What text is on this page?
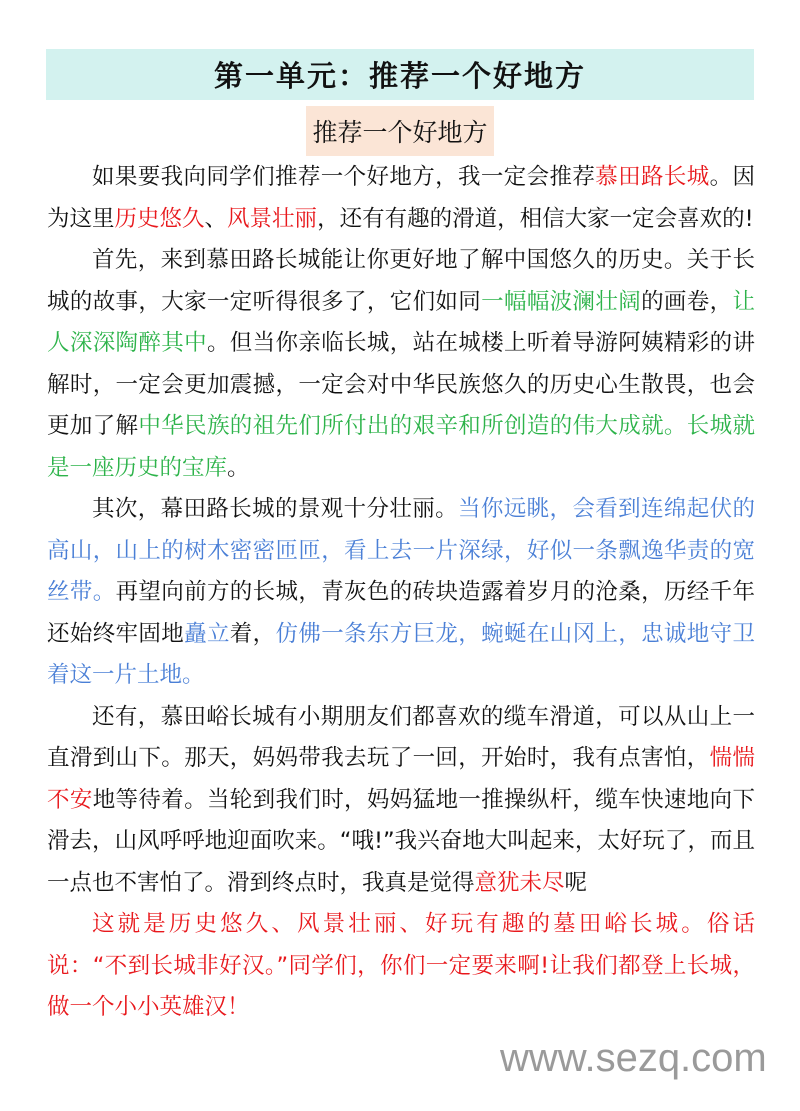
第一单元：推荐一个好地方
推荐一个好地方

如果要我向同学们推荐一个好地方，我一定会推荐慕田路长城。因为这里历史悠久、风景壮丽，还有有趣的滑道，相信大家一定会喜欢的!

首先，来到慕田路长城能让你更好地了解中国悠久的历史。关于长城的故事，大家一定听得很多了，它们如同一幅幅波澜壮阔的画卷，让人深深陶醉其中。但当你亲临长城，站在城楼上听着导游阿姨精彩的讲解时，一定会更加震撼，一定会对中华民族悠久的历史心生散畏，也会更加了解中华民族的祖先们所付出的艰辛和所创造的伟大成就。长城就是一座历史的宝库。

其次，幕田路长城的景观十分壮丽。当你远眺，会看到连绵起伏的高山，山上的树木密密匝匝，看上去一片深绿，好似一条飘逸华责的宽丝带。再望向前方的长城，青灰色的砖块造露着岁月的沧桑，历经千年还始终牢固地矗立着，仿佛一条东方巨龙，蜿蜒在山冈上，忠诚地守卫着这一片土地。

还有，慕田峪长城有小期朋友们都喜欢的缆车滑道，可以从山上一直滑到山下。那天，妈妈带我去玩了一回，开始时，我有点害怕，惴惴不安地等待着。当轮到我们时，妈妈猛地一推操纵杆，缆车快速地向下滑去，山风呼呼地迎面吹来。“哦!”我兴奋地大叫起来，太好玩了，而且一点也不害怕了。滑到终点时，我真是觉得意犹未尽呢

这就是历史悠久、风景壮丽、好玩有趣的墓田峪长城。俗话说：“不到长城非好汉。”同学们，你们一定要来啊!让我们都登上长城，做一个小小英雄汉！

www.sezq.com
